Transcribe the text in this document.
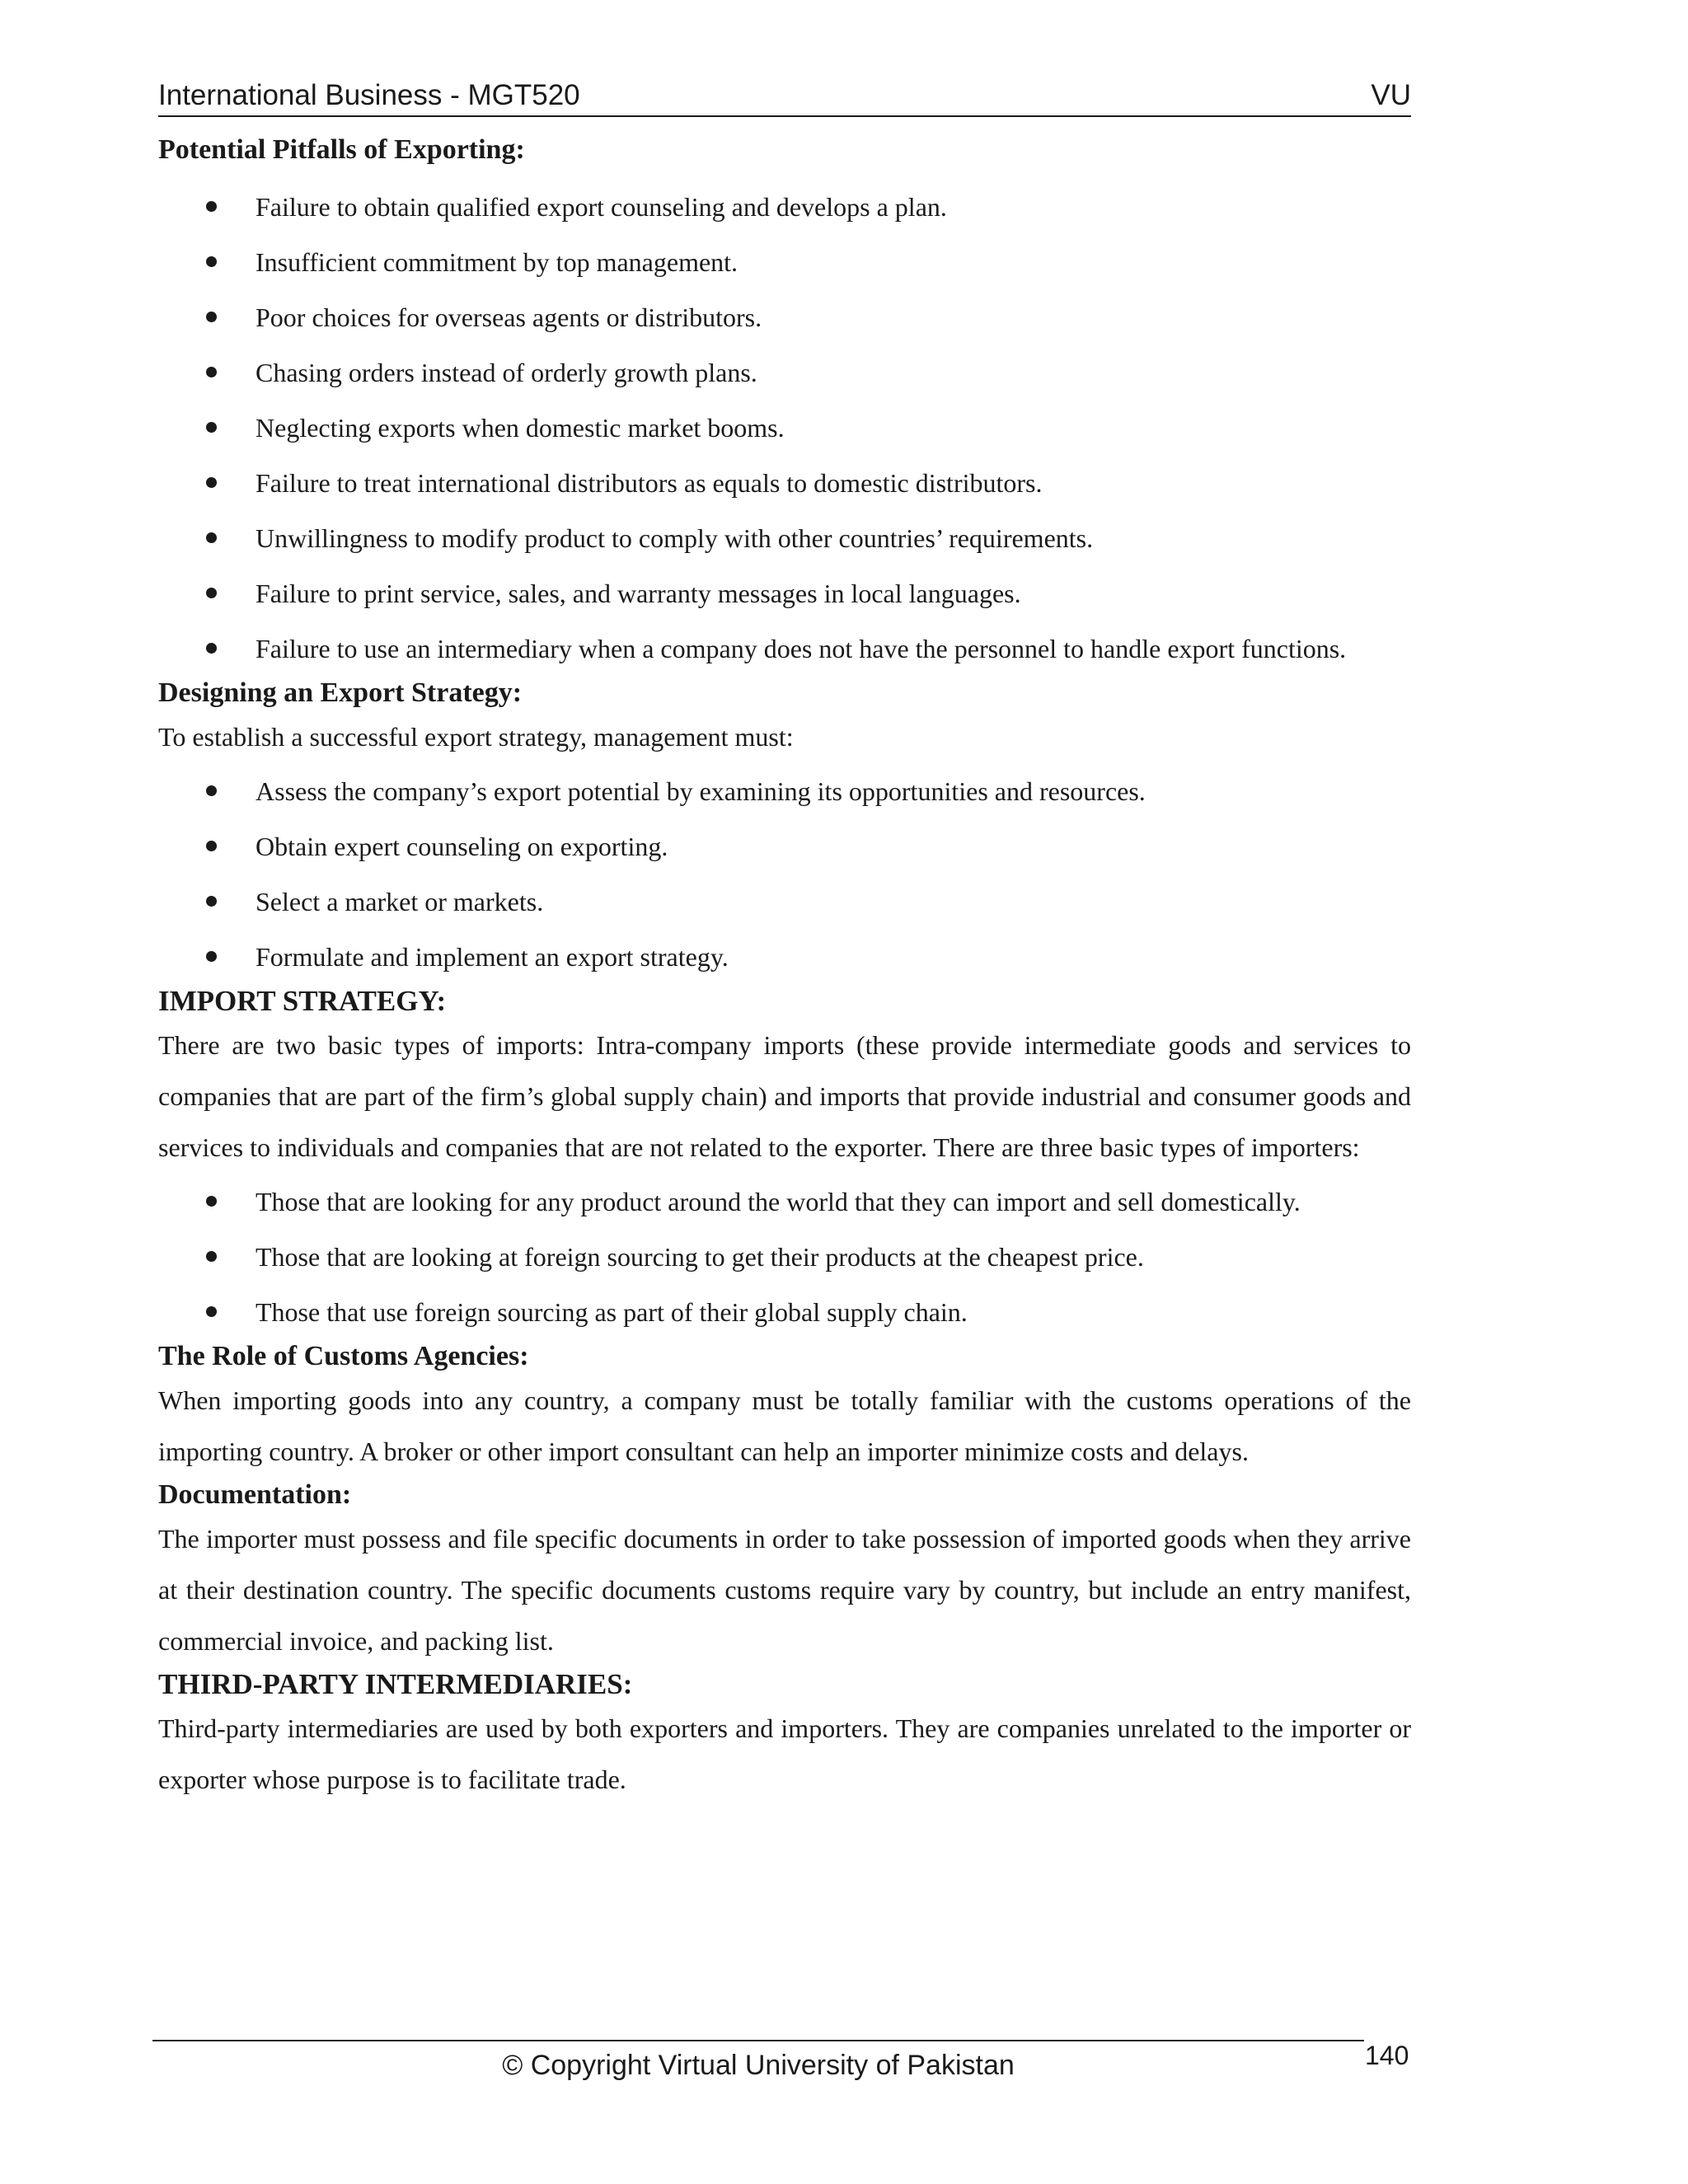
International Business - MGT520	VU

Potential Pitfalls of Exporting:

Failure to obtain qualified export counseling and develops a plan.
Insufficient commitment by top management.
Poor choices for overseas agents or distributors.
Chasing orders instead of orderly growth plans.
Neglecting exports when domestic market booms.
Failure to treat international distributors as equals to domestic distributors.
Unwillingness to modify product to comply with other countries’ requirements.
Failure to print service, sales, and warranty messages in local languages.
Failure to use an intermediary when a company does not have the personnel to handle export functions.

Designing an Export Strategy:

To establish a successful export strategy, management must:

Assess the company’s export potential by examining its opportunities and resources.
Obtain expert counseling on exporting.
Select a market or markets.
Formulate and implement an export strategy.

IMPORT STRATEGY:

There are two basic types of imports: Intra-company imports (these provide intermediate goods and services to companies that are part of the firm’s global supply chain) and imports that provide industrial and consumer goods and services to individuals and companies that are not related to the exporter. There are three basic types of importers:

Those that are looking for any product around the world that they can import and sell domestically.
Those that are looking at foreign sourcing to get their products at the cheapest price.
Those that use foreign sourcing as part of their global supply chain.

The Role of Customs Agencies:

When importing goods into any country, a company must be totally familiar with the customs operations of the importing country. A broker or other import consultant can help an importer minimize costs and delays.

Documentation:

The importer must possess and file specific documents in order to take possession of imported goods when they arrive at their destination country. The specific documents customs require vary by country, but include an entry manifest, commercial invoice, and packing list.

THIRD-PARTY INTERMEDIARIES:

Third-party intermediaries are used by both exporters and importers. They are companies unrelated to the importer or exporter whose purpose is to facilitate trade.

© Copyright Virtual University of Pakistan	140
